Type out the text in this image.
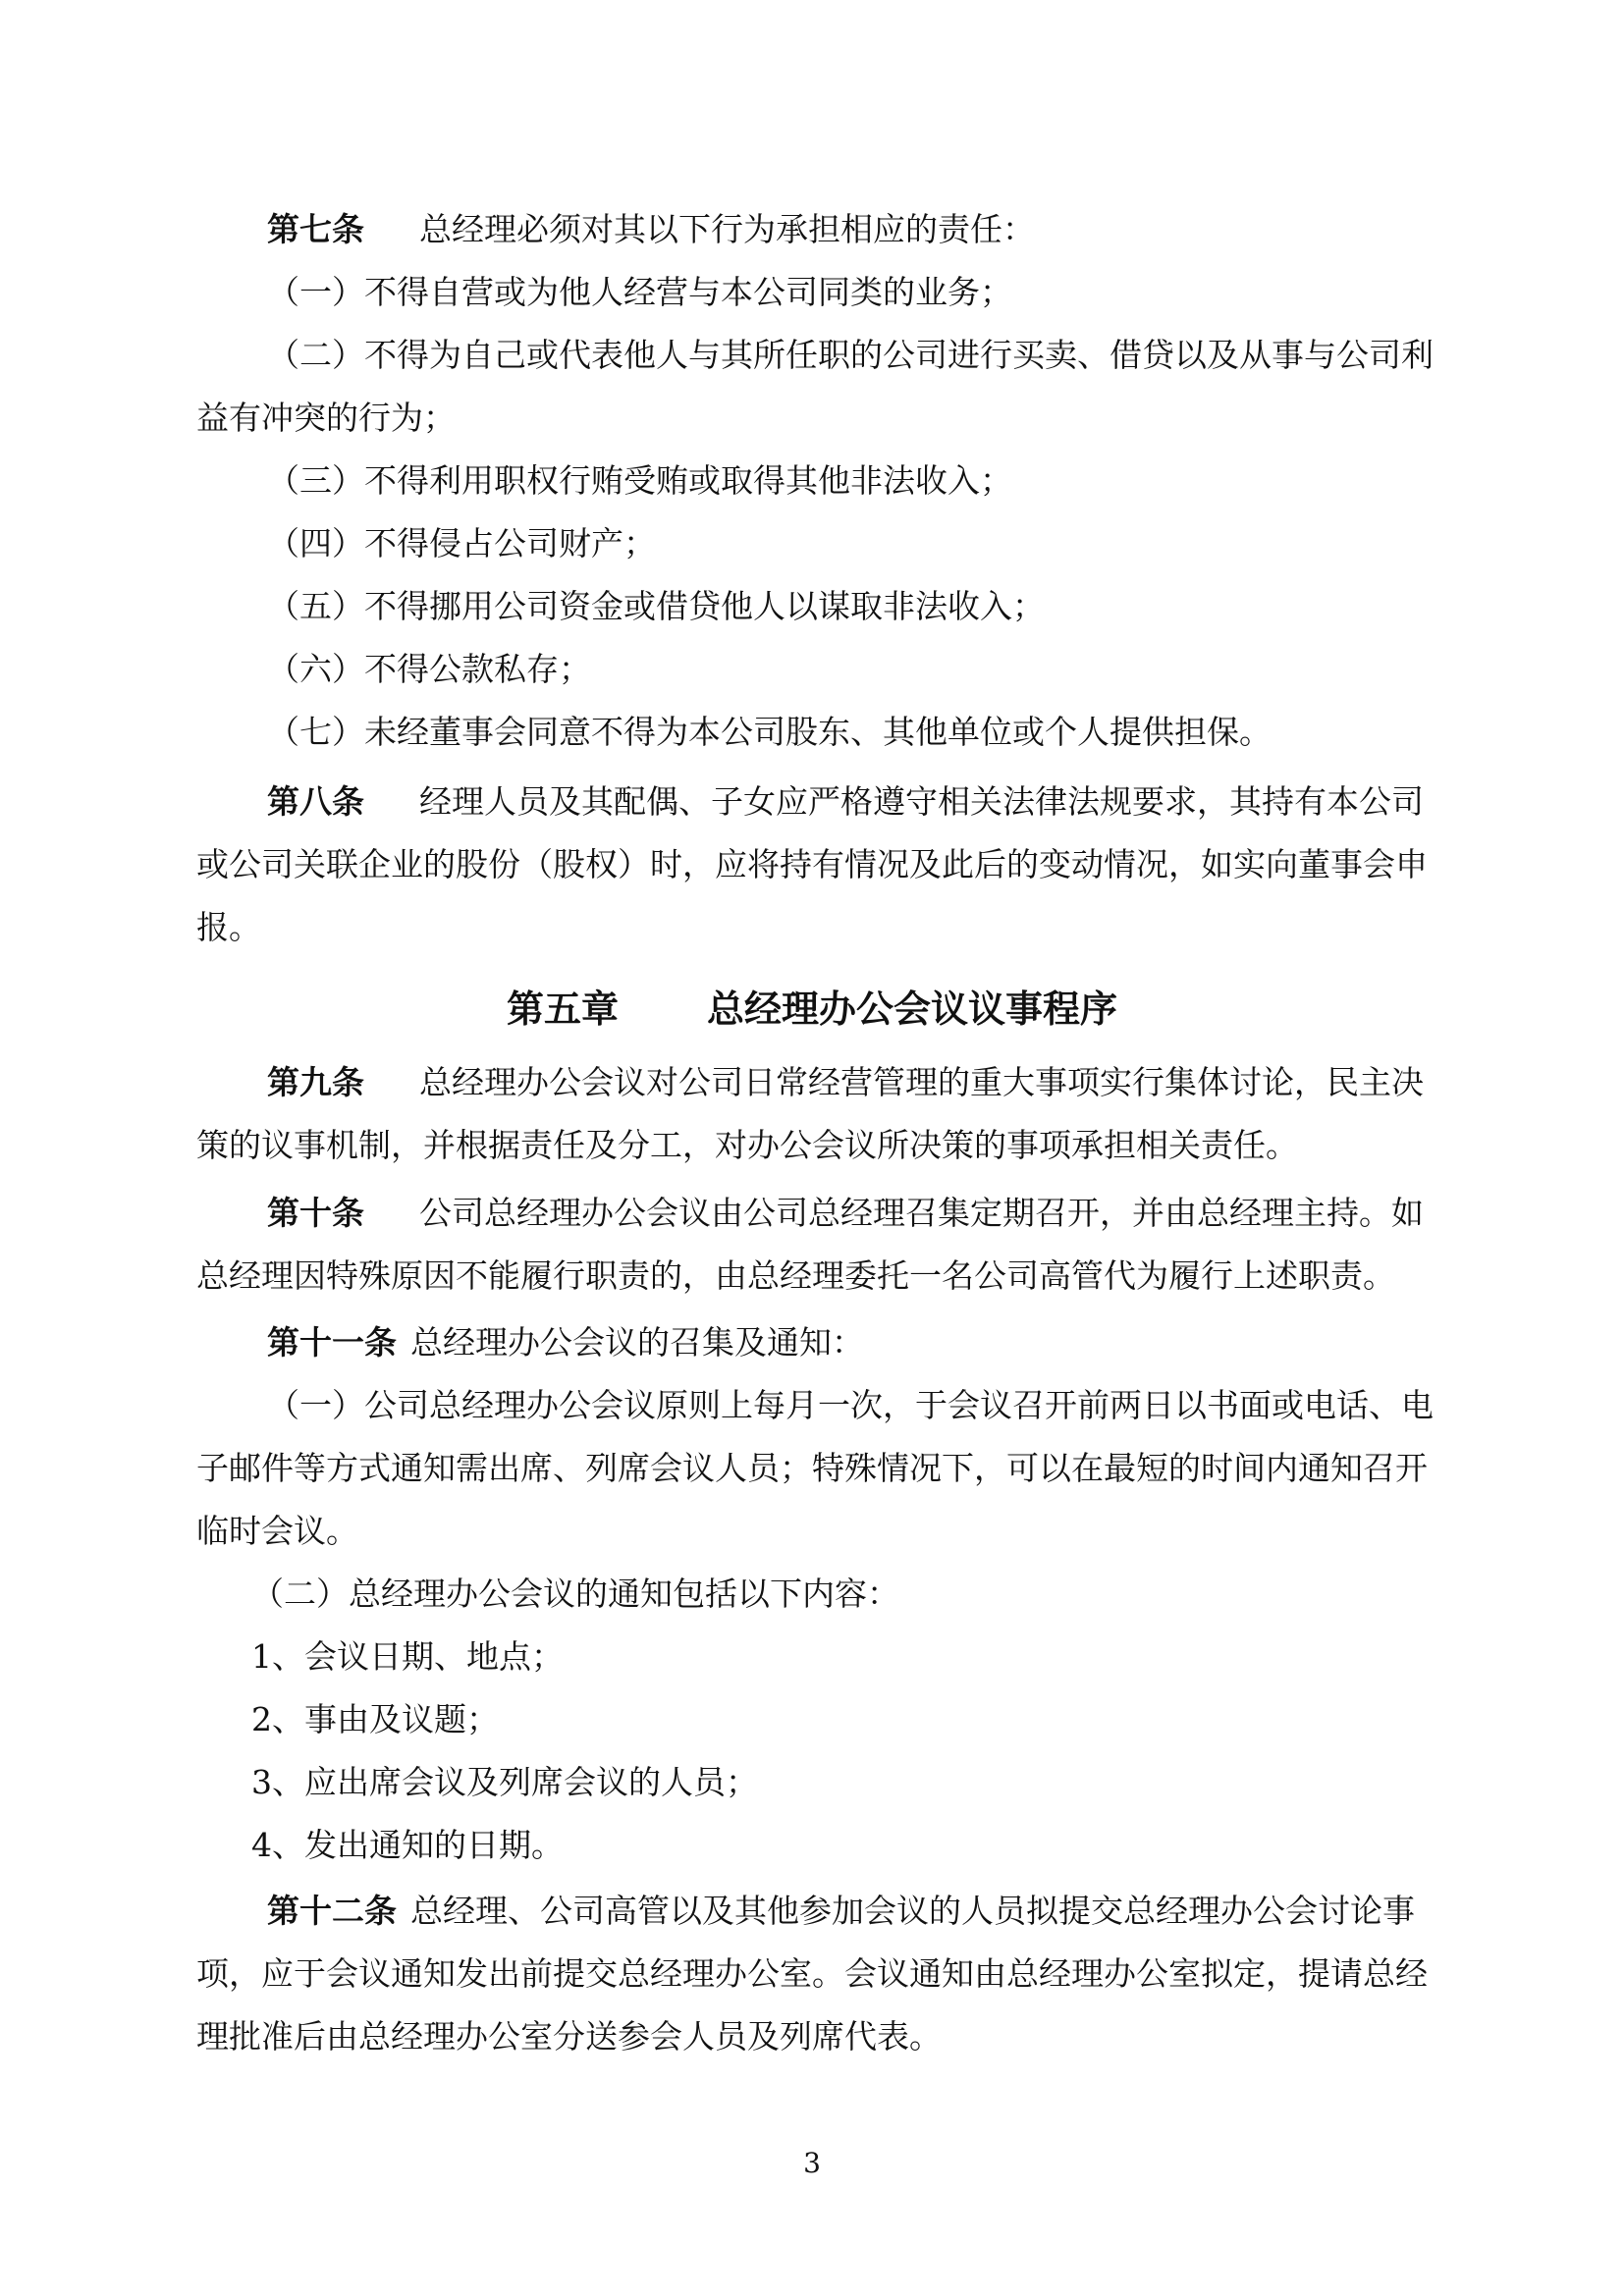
第七条 总经理必须对其以下行为承担相应的责任：
（一）不得自营或为他人经营与本公司同类的业务；
（二）不得为自己或代表他人与其所任职的公司进行买卖、借贷以及从事与公司利
益有冲突的行为；
（三）不得利用职权行贿受贿或取得其他非法收入；
（四）不得侵占公司财产；
（五）不得挪用公司资金或借贷他人以谋取非法收入；
（六）不得公款私存；
（七）未经董事会同意不得为本公司股东、其他单位或个人提供担保。
第八条 经理人员及其配偶、子女应严格遵守相关法律法规要求，其持有本公司
或公司关联企业的股份（股权）时，应将持有情况及此后的变动情况，如实向董事会申
报。
第五章 总经理办公会议议事程序
第九条 总经理办公会议对公司日常经营管理的重大事项实行集体讨论，民主决
策的议事机制，并根据责任及分工，对办公会议所决策的事项承担相关责任。
第十条 公司总经理办公会议由公司总经理召集定期召开，并由总经理主持。如
总经理因特殊原因不能履行职责的，由总经理委托一名公司高管代为履行上述职责。
第十一条 总经理办公会议的召集及通知：
（一）公司总经理办公会议原则上每月一次，于会议召开前两日以书面或电话、电
子邮件等方式通知需出席、列席会议人员；特殊情况下，可以在最短的时间内通知召开
临时会议。
（二）总经理办公会议的通知包括以下内容：
1、会议日期、地点；
2、事由及议题；
3、应出席会议及列席会议的人员；
4、发出通知的日期。
第十二条 总经理、公司高管以及其他参加会议的人员拟提交总经理办公会讨论事
项，应于会议通知发出前提交总经理办公室。会议通知由总经理办公室拟定，提请总经
理批准后由总经理办公室分送参会人员及列席代表。
3
